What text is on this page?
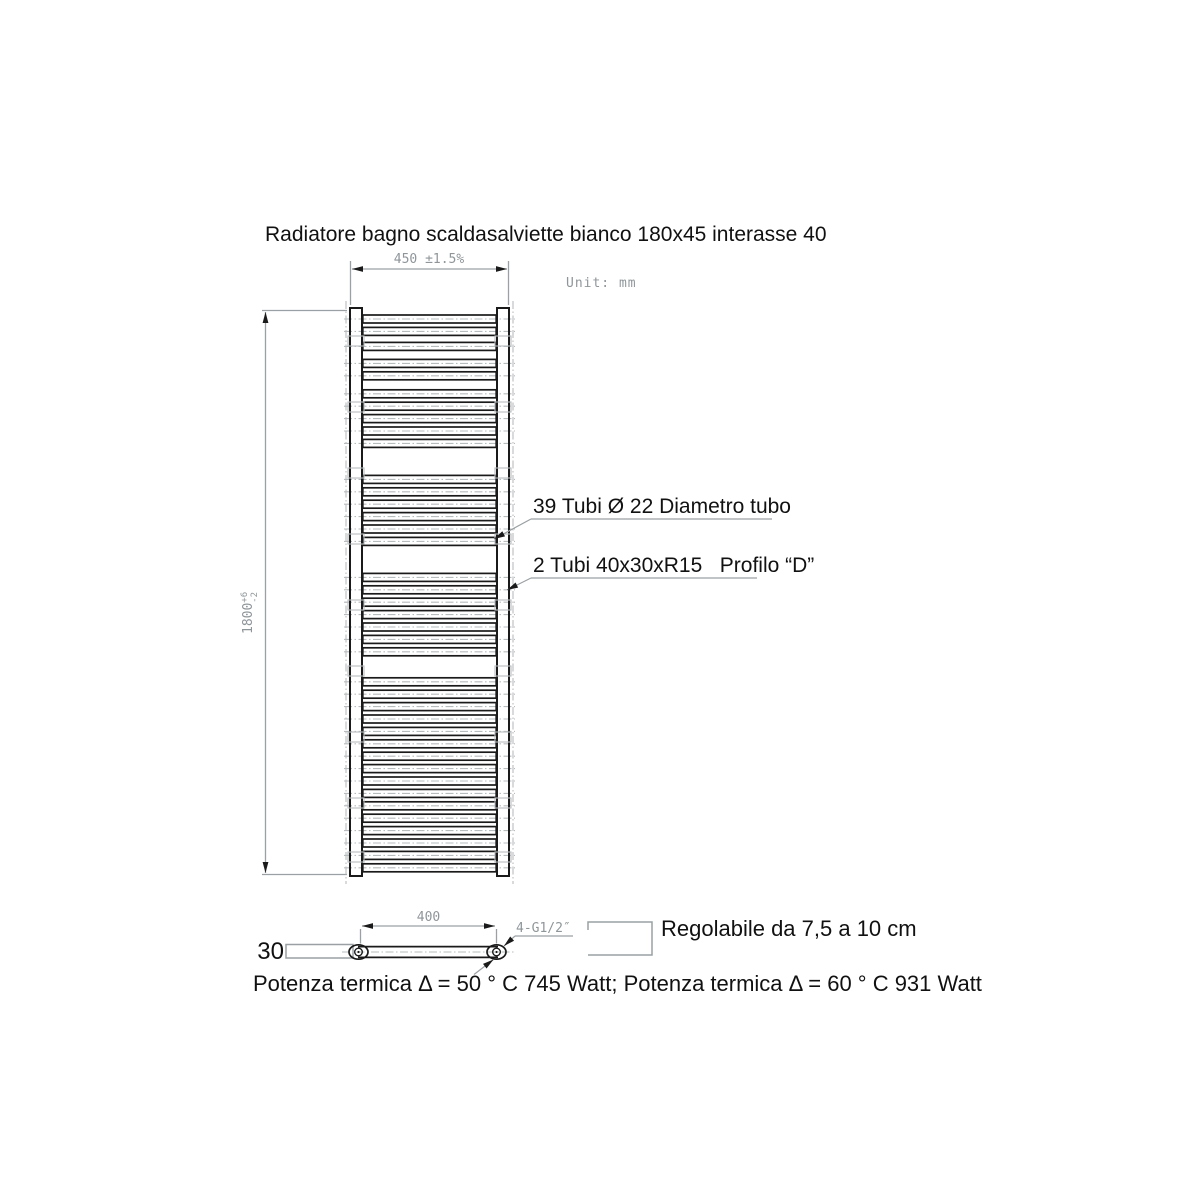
Radiatore bagno scaldasalviette bianco 180x45 interasse 40
450 ±1.5%
Unit: mm
$1800^{+6}-2$
39 Tubi Ø 22 Diametro tubo
2 Tubi 40x30xR15   Profilo “D”
30
400
4-G1/2″	Regolabile da 7,5 a 10 cm
Potenza termica Δ = 50 ° C 745 Watt; Potenza termica Δ = 60 ° C 931 Watt
